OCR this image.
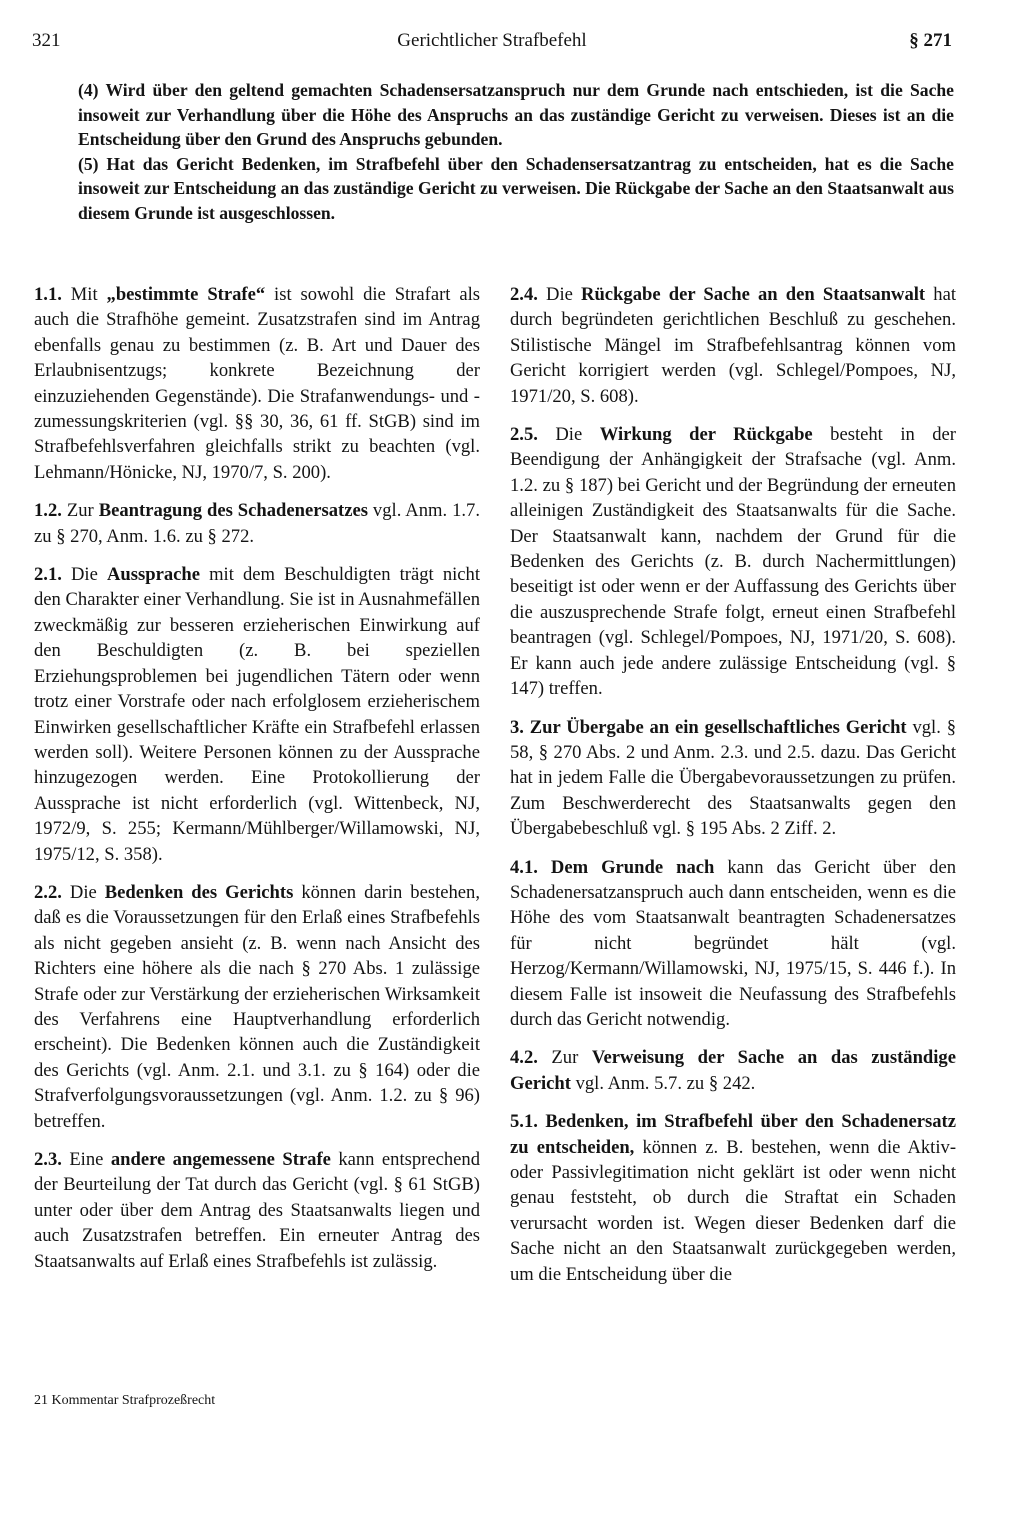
321	Gerichtlicher Strafbefehl	§ 271

(4) Wird über den geltend gemachten Schadensersatzanspruch nur dem Grunde nach entschieden, ist die Sache insoweit zur Verhandlung über die Höhe des Anspruchs an das zuständige Gericht zu verweisen. Dieses ist an die Entscheidung über den Grund des Anspruchs gebunden.

(5) Hat das Gericht Bedenken, im Strafbefehl über den Schadensersatzantrag zu entscheiden, hat es die Sache insoweit zur Entscheidung an das zuständige Gericht zu verweisen. Die Rückgabe der Sache an den Staatsanwalt aus diesem Grunde ist ausgeschlossen.

1.1. Mit „bestimmte Strafe“ ist sowohl die Strafart als auch die Strafhöhe gemeint. Zusatzstrafen sind im Antrag ebenfalls genau zu bestimmen (z. B. Art und Dauer des Erlaubnisentzugs; konkrete Bezeichnung der einzuziehenden Gegenstände). Die Strafanwendungs- und -zumessungskriterien (vgl. §§ 30, 36, 61 ff. StGB) sind im Strafbefehlsverfahren gleichfalls strikt zu beachten (vgl. Lehmann/Hönicke, NJ, 1970/7, S. 200).

1.2. Zur Beantragung des Schadenersatzes vgl. Anm. 1.7. zu § 270, Anm. 1.6. zu § 272.

2.1. Die Aussprache mit dem Beschuldigten trägt nicht den Charakter einer Verhandlung. Sie ist in Ausnahmefällen zweckmäßig zur besseren erzieherischen Einwirkung auf den Beschuldigten (z. B. bei speziellen Erziehungsproblemen bei jugendlichen Tätern oder wenn trotz einer Vorstrafe oder nach erfolglosem erzieherischem Einwirken gesellschaftlicher Kräfte ein Strafbefehl erlassen werden soll). Weitere Personen können zu der Aussprache hinzugezogen werden. Eine Protokollierung der Aussprache ist nicht erforderlich (vgl. Wittenbeck, NJ, 1972/9, S. 255; Kermann/Mühlberger/Willamowski, NJ, 1975/12, S. 358).

2.2. Die Bedenken des Gerichts können darin bestehen, daß es die Voraussetzungen für den Erlaß eines Strafbefehls als nicht gegeben ansieht (z. B. wenn nach Ansicht des Richters eine höhere als die nach § 270 Abs. 1 zulässige Strafe oder zur Verstärkung der erzieherischen Wirksamkeit des Verfahrens eine Hauptverhandlung erforderlich erscheint). Die Bedenken können auch die Zuständigkeit des Gerichts (vgl. Anm. 2.1. und 3.1. zu § 164) oder die Strafverfolgungsvoraussetzungen (vgl. Anm. 1.2. zu § 96) betreffen.

2.3. Eine andere angemessene Strafe kann entsprechend der Beurteilung der Tat durch das Gericht (vgl. § 61 StGB) unter oder über dem Antrag des Staatsanwalts liegen und auch Zusatzstrafen betreffen. Ein erneuter Antrag des Staatsanwalts auf Erlaß eines Strafbefehls ist zulässig.

2.4. Die Rückgabe der Sache an den Staatsanwalt hat durch begründeten gerichtlichen Beschluß zu geschehen. Stilistische Mängel im Strafbefehlsantrag können vom Gericht korrigiert werden (vgl. Schlegel/Pompoes, NJ, 1971/20, S. 608).

2.5. Die Wirkung der Rückgabe besteht in der Beendigung der Anhängigkeit der Strafsache (vgl. Anm. 1.2. zu § 187) bei Gericht und der Begründung der erneuten alleinigen Zuständigkeit des Staatsanwalts für die Sache. Der Staatsanwalt kann, nachdem der Grund für die Bedenken des Gerichts (z. B. durch Nachermittlungen) beseitigt ist oder wenn er der Auffassung des Gerichts über die auszusprechende Strafe folgt, erneut einen Strafbefehl beantragen (vgl. Schlegel/Pompoes, NJ, 1971/20, S. 608). Er kann auch jede andere zulässige Entscheidung (vgl. § 147) treffen.

3. Zur Übergabe an ein gesellschaftliches Gericht vgl. § 58, § 270 Abs. 2 und Anm. 2.3. und 2.5. dazu. Das Gericht hat in jedem Falle die Übergabevoraussetzungen zu prüfen. Zum Beschwerderecht des Staatsanwalts gegen den Übergabebeschluß vgl. § 195 Abs. 2 Ziff. 2.

4.1. Dem Grunde nach kann das Gericht über den Schadenersatzanspruch auch dann entscheiden, wenn es die Höhe des vom Staatsanwalt beantragten Schadenersatzes für nicht begründet hält (vgl. Herzog/Kermann/Willamowski, NJ, 1975/15, S. 446 f.). In diesem Falle ist insoweit die Neufassung des Strafbefehls durch das Gericht notwendig.

4.2. Zur Verweisung der Sache an das zuständige Gericht vgl. Anm. 5.7. zu § 242.

5.1. Bedenken, im Strafbefehl über den Schadenersatz zu entscheiden, können z. B. bestehen, wenn die Aktiv- oder Passivlegitimation nicht geklärt ist oder wenn nicht genau feststeht, ob durch die Straftat ein Schaden verursacht worden ist. Wegen dieser Bedenken darf die Sache nicht an den Staatsanwalt zurückgegeben werden, um die Entscheidung über die

21 Kommentar Strafprozeßrecht
